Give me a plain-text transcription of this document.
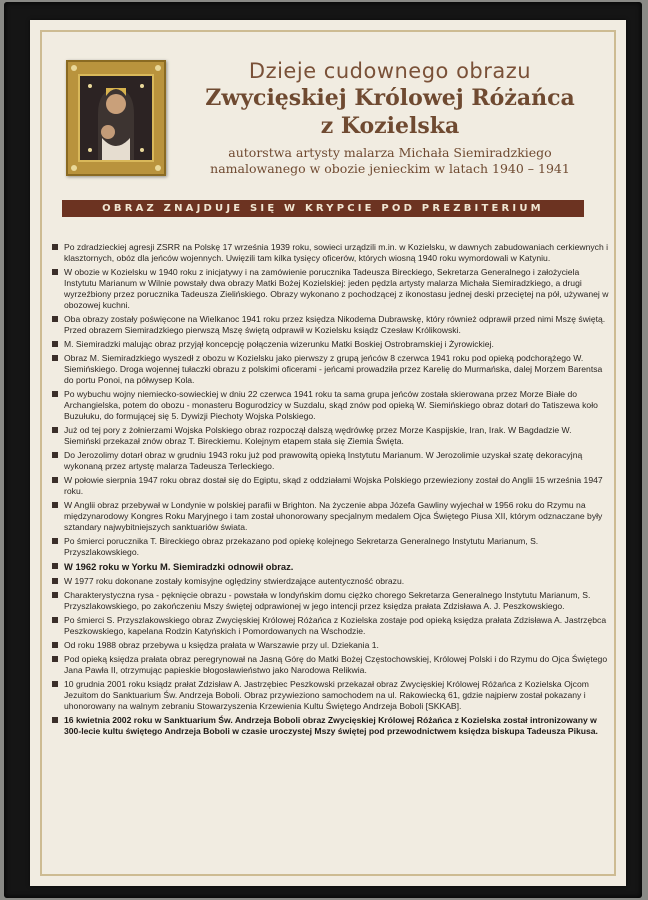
Dzieje cudownego obrazu
Zwycięskiej Królowej Różańca
z Kozielska
autorstwa artysty malarza Michała Siemiradzkiego
namalowanego w obozie jenieckim w latach 1940 – 1941
OBRAZ ZNAJDUJE SIĘ W KRYPCIE POD PREZBITERIUM
Po zdradzieckiej agresji ZSRR na Polskę 17 września 1939 roku, sowieci urządzili m.in. w Kozielsku, w dawnych zabudowaniach cerkiewnych i klasztornych, obóz dla jeńców wojennych. Uwięzili tam kilka tysięcy oficerów, których wiosną 1940 roku wymordowali w Katyniu.
W obozie w Kozielsku w 1940 roku z inicjatywy i na zamówienie porucznika Tadeusza Bireckiego, Sekretarza Generalnego i założyciela Instytutu Marianum w Wilnie powstały dwa obrazy Matki Bożej Kozielskiej: jeden pędzla artysty malarza Michała Siemiradzkiego, a drugi wyrzeźbiony przez porucznika Tadeusza Zielińskiego. Obrazy wykonano z pochodzącej z ikonostasu jednej deski przeciętej na pół, używanej w obozowej kuchni.
Oba obrazy zostały poświęcone na Wielkanoc 1941 roku przez księdza Nikodema Dubrawskę, który również odprawił przed nimi Mszę świętą. Przed obrazem Siemiradzkiego pierwszą Mszę świętą odprawił w Kozielsku ksiądz Czesław Królikowski.
M. Siemiradzki malując obraz przyjął koncepcję połączenia wizerunku Matki Boskiej Ostrobramskiej i Żyrowickiej.
Obraz M. Siemiradzkiego wyszedł z obozu w Kozielsku jako pierwszy z grupą jeńców 8 czerwca 1941 roku pod opieką podchorążego W. Siemińskiego. Droga wojennej tułaczki obrazu z polskimi oficerami - jeńcami prowadziła przez Karelię do Murmańska, dalej Morzem Barentsa do portu Ponoi, na półwysep Kola.
Po wybuchu wojny niemiecko-sowieckiej w dniu 22 czerwca 1941 roku ta sama grupa jeńców została skierowana przez Morze Białe do Archangielska, potem do obozu - monasteru Bogurodzicy w Suzdalu, skąd znów pod opieką W. Siemińskiego obraz dotarł do Tatiszewa koło Buzułuku, do formującej się 5. Dywizji Piechoty Wojska Polskiego.
Już od tej pory z żołnierzami Wojska Polskiego obraz rozpoczął dalszą wędrówkę przez Morze Kaspijskie, Iran, Irak. W Bagdadzie W. Siemiński przekazał znów obraz T. Bireckiemu. Kolejnym etapem stała się Ziemia Święta.
Do Jerozolimy dotarł obraz w grudniu 1943 roku już pod prawowitą opieką Instytutu Marianum. W Jerozolimie uzyskał szatę dekoracyjną wykonaną przez artystę malarza Tadeusza Terleckiego.
W połowie sierpnia 1947 roku obraz dostał się do Egiptu, skąd z oddziałami Wojska Polskiego przewieziony został do Anglii 15 września 1947 roku.
W Anglii obraz przebywał w Londynie w polskiej parafii w Brighton. Na życzenie abpa Józefa Gawliny wyjechał w 1956 roku do Rzymu na międzynarodowy Kongres Roku Maryjnego i tam został uhonorowany specjalnym medalem Ojca Świętego Piusa XII, którym odznaczane były sztandary najwybitniejszych sanktuariów świata.
Po śmierci porucznika T. Bireckiego obraz przekazano pod opiekę kolejnego Sekretarza Generalnego Instytutu Marianum, S. Przyszlakowskiego.
W 1962 roku w Yorku M. Siemiradzki odnowił obraz.
W 1977 roku dokonane zostały komisyjne oględziny stwierdzające autentyczność obrazu.
Charakterystyczna rysa - pęknięcie obrazu - powstała w londyńskim domu ciężko chorego Sekretarza Generalnego Instytutu Marianum, S. Przyszlakowskiego, po zakończeniu Mszy świętej odprawionej w jego intencji przez księdza prałata Zdzisława A. J. Peszkowskiego.
Po śmierci S. Przyszlakowskiego obraz Zwycięskiej Królowej Różańca z Kozielska zostaje pod opieką księdza prałata Zdzisława A. Jastrzębca Peszkowskiego, kapelana Rodzin Katyńskich i Pomordowanych na Wschodzie.
Od roku 1988 obraz przebywa u księdza prałata w Warszawie przy ul. Dziekania 1.
Pod opieką księdza prałata obraz peregrynował na Jasną Górę do Matki Bożej Częstochowskiej, Królowej Polski i do Rzymu do Ojca Świętego Jana Pawła II, otrzymując papieskie błogosławieństwo jako Narodowa Relikwia.
10 grudnia 2001 roku ksiądz prałat Zdzisław A. Jastrzębiec Peszkowski przekazał obraz Zwycięskiej Królowej Różańca z Kozielska Ojcom Jezuitom do Sanktuarium Św. Andrzeja Boboli. Obraz przywieziono samochodem na ul. Rakowiecką 61, gdzie najpierw został pokazany i uhonorowany na walnym zebraniu Stowarzyszenia Krzewienia Kultu Świętego Andrzeja Boboli [SKKAB].
16 kwietnia 2002 roku w Sanktuarium Św. Andrzeja Boboli obraz Zwycięskiej Królowej Różańca z Kozielska został intronizowany w 300-lecie kultu świętego Andrzeja Boboli w czasie uroczystej Mszy świętej pod przewodnictwem księdza biskupa Tadeusza Pikusa.
